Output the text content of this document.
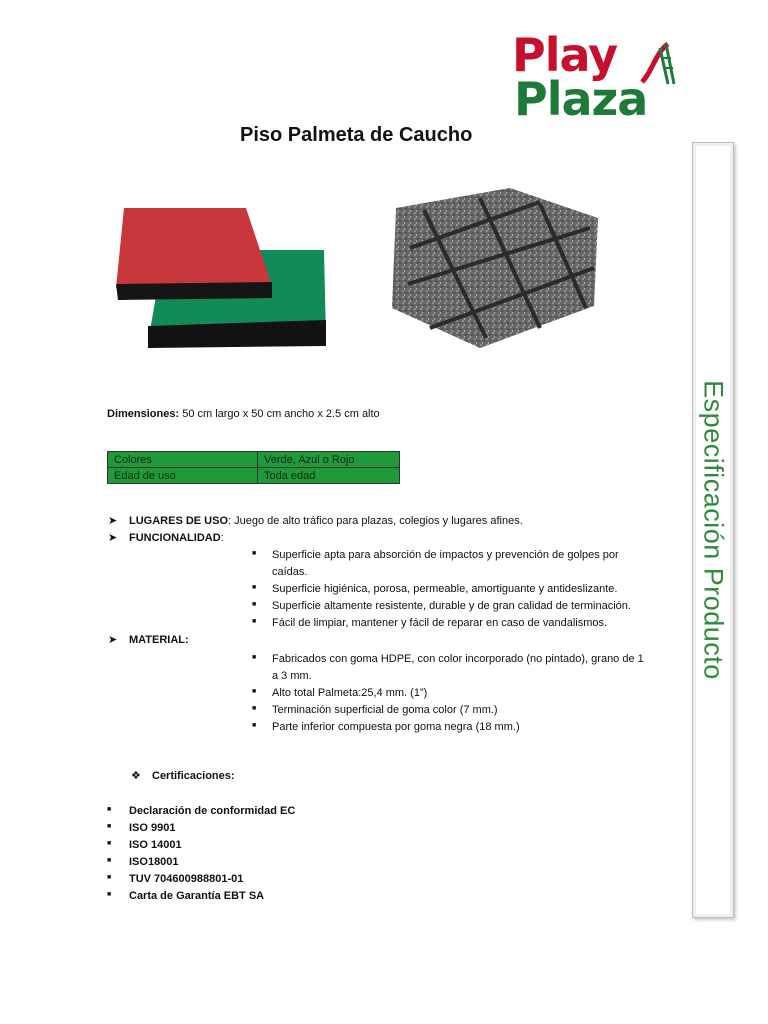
Play
Plaza
Piso Palmeta de Caucho
Especificación Producto
Dimensiones: 50 cm largo x 50 cm ancho x 2.5 cm alto
Colores	Verde, Azul o Rojo
Edad de uso	Toda edad
➤ LUGARES DE USO: Juego de alto tráfico para plazas, colegios y lugares afines.
➤ FUNCIONALIDAD:
■ Superficie apta para absorción de impactos y prevención de golpes por
caídas.
■ Superficie higiénica, porosa, permeable, amortiguante y antideslizante.
■ Superficie altamente resistente, durable y de gran calidad de terminación.
■ Fácil de limpiar, mantener y fácil de reparar en caso de vandalismos.
➤ MATERIAL:
■ Fabricados con goma HDPE, con color incorporado (no pintado), grano de 1
a 3 mm.
■ Alto total Palmeta:25,4 mm. (1”)
■ Terminación superficial de goma color (7 mm.)
■ Parte inferior compuesta por goma negra (18 mm.)
❖ Certificaciones:
■ Declaración de conformidad EC
■ ISO 9901
■ ISO 14001
■ ISO18001
■ TUV 704600988801-01
■ Carta de Garantía EBT SA
